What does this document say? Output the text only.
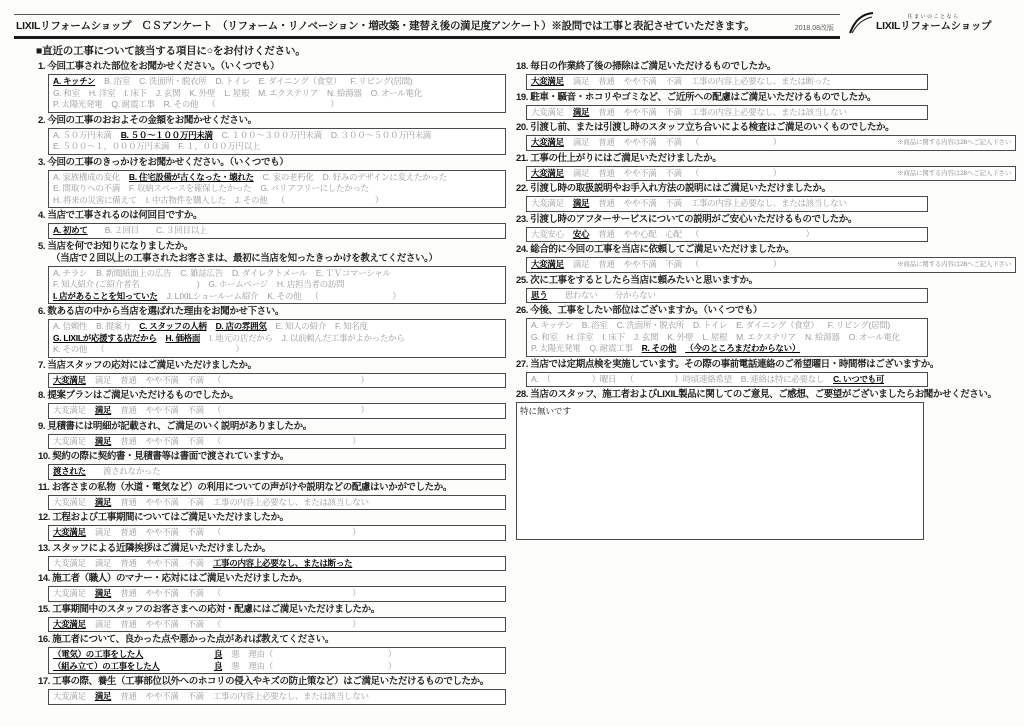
LIXILリフォームショップ　ＣＳアンケート　（リフォーム・リノベーション・増改築・建替え後の満足度アンケート）※設問では工事と表記させていただきます。	2018.08改版
住まいのことなら
LIXILリフォームショップ
■直近の工事について該当する項目に○をお付けください。
1. 今回工事された部位をお聞かせください。（いくつでも）
A. キッチン B. 浴室 C. 洗面所・脱衣所 D. トイレ E. ダイニング（食堂） F. リビング(居間)
G. 和室 H. 洋室 I. 床下 J. 玄関 K. 外壁 L. 屋根 M. エクステリア N. 給湯器 O. オール電化
P. 太陽光発電 Q. 耐震工事 R. その他 （　　　　　　　　　　　　　　）
2. 今回の工事のおおよその金額をお聞かせください。
A. ５０万円未満 B. ５０～１００万円未満 C. １００～３００万円未満 D. ３００～５００万円未満
E. ５００～１，０００万円未満 F. １，０００万円以上
3. 今回の工事のきっかけをお聞かせください。（いくつでも）
A. 家族構成の変化 B. 住宅設備が古くなった・壊れた C. 家の老朽化 D. 好みのデザインに変えたかった
E. 間取りへの不満 F. 収納スペースを確保したかった G. バリアフリーにしたかった
H. 将来の災害に備えて I. 中古物件を購入した J. その他 （　　　　　　　　　　　）
4. 当店で工事されるのは何回目ですか。
A. 初めて 　B. ２回目 　C. ３回目以上
5. 当店を何でお知りになりましたか。
（当店で２回以上の工事されたお客さまは、最初に当店を知ったきっかけを教えてください。）
A. チラシ B. 新聞紙面上の広告 C. 雑誌広告 D. ダイレクトメール E. ＴＶコマーシャル
F. 知人紹介 (ご紹介者名　　　　　　　) G. ホームページ H. 店担当者の訪問
I. 店があることを知っていた J. LIXILショールーム紹介 K. その他 （　　　　　　　　　）
6. 数ある店の中から当店を選ばれた理由をお聞かせ下さい。
A. 信頼性 B. 提案力 C. スタッフの人柄 D. 店の雰囲気 E. 知人の紹介 F. 知名度
G. LIXILが応援する店だから H. 価格面 I. 地元の店だから J. 以前頼んだ工事がよかったから
K. その他 （　　　　　　　　　　　　　　　　）
7. 当店スタッフの応対にはご満足いただけましたか。
大変満足 満足 普通 やや不満 不満 （　　　　　　　　　　　　　　　　　）
8. 提案プランはご満足いただけるものでしたか。
大変満足 満足 普通 やや不満 不満 （　　　　　　　　　　　　　　　　　）
9. 見積書には明細が記載され、ご満足のいく説明がありましたか。
大変満足 満足 普通 やや不満 不満 （　　　　　　　　　　　　　　　　）
10. 契約の際に契約書・見積書等は書面で渡されていますか。
渡された 　渡されなかった
11. お客さまの私物（水道・電気など）の利用についての声がけや説明などの配慮はいかがでしたか。
大変満足 満足 普通 やや不満 不満 工事の内容上必要なし、または該当しない
12. 工程および工事期間についてはご満足いただけましたか。
大変満足 満足 普通 やや不満 不満 （　　　　　　　　　　　　　　　　）
13. スタッフによる近隣挨拶はご満足いただけましたか。
大変満足 満足 普通 やや不満 不満 工事の内容上必要なし、または断った
14. 施工者（職人）のマナー・応対にはご満足いただけましたか。
大変満足 満足 普通 やや不満 不満 （　　　　　　　　　　　　　　　　）
15. 工事期間中のスタッフのお客さまへの応対・配慮にはご満足いただけましたか。
大変満足 満足 普通 やや不満 不満 （　　　　　　　　　　　　　　　　）
16. 施工者について、良かった点や悪かった点があれば教えてください。
（電気）の工事をした人	良 悪 理由（　　　　　　　　　　　　　　）
（組み立て）の工事をした人	良 悪 理由（　　　　　　　　　　　　　　）
17. 工事の際、養生（工事部位以外へのホコリの侵入やキズの防止策など）はご満足いただけるものでしたか。
大変満足 満足 普通 やや不満 不満 工事の内容上必要なし、または該当しない
18. 毎日の作業終了後の掃除はご満足いただけるものでしたか。
大変満足 満足 普通 やや不満 不満 工事の内容上必要なし、または断った
19. 駐車・騒音・ホコリやゴミなど、ご近所への配慮はご満足いただけるものでしたか。
大変満足 満足 普通 やや不満 不満 工事の内容上必要なし、または該当しない
20. 引渡し前、または引渡し時のスタッフ立ち合いによる検査はご満足のいくものでしたか。
大変満足 満足 普通 やや不満 不満 （　　　　　　　　　）	※商品に関する内容は28へご記入下さい
21. 工事の仕上がりにはご満足いただけましたか。
大変満足 満足 普通 やや不満 不満 （　　　　　　　　　）	※商品に関する内容は28へご記入下さい
22. 引渡し時の取扱説明やお手入れ方法の説明にはご満足いただけましたか。
大変満足 満足 普通 やや不満 不満 工事の内容上必要なし、または該当しない
23. 引渡し時のアフターサービスについての説明がご安心いただけるものでしたか。
大変安心 安心 普通 やや心配 心配 （　　　　　　　　　　　　　）
24. 総合的に今回の工事を当店に依頼してご満足いただけましたか。
大変満足 満足 普通 やや不満 不満 （　　　　　　　　　）	※商品に関する内容は28へご記入下さい
25. 次に工事をするとしたら当店に頼みたいと思いますか。
思う 　思わない 　分からない
26. 今後、工事をしたい部位はございますか。（いくつでも）
A. キッチン B. 浴室 C. 洗面所・脱衣所 D. トイレ E. ダイニング（食堂） F. リビング(居間)
G. 和室 H. 洋室 I. 床下 J. 玄関 K. 外壁 L. 屋根 M. エクステリア N. 給湯器 O. オール電化
P. 太陽光発電 Q. 耐震工事 R. その他 （今のところまだわからない）
27. 当店では定期点検を実施しています。その際の事前電話連絡のご希望曜日・時間帯はございますか。
A.　（　　　　　）曜日 （　　　　　）時頃連絡希望 B. 連絡は特に必要なし C. いつでも可
28. 当店のスタッフ、施工者およびLIXIL製品に関してのご意見、ご感想、ご要望がございましたらお聞かせください。
特に無いです
